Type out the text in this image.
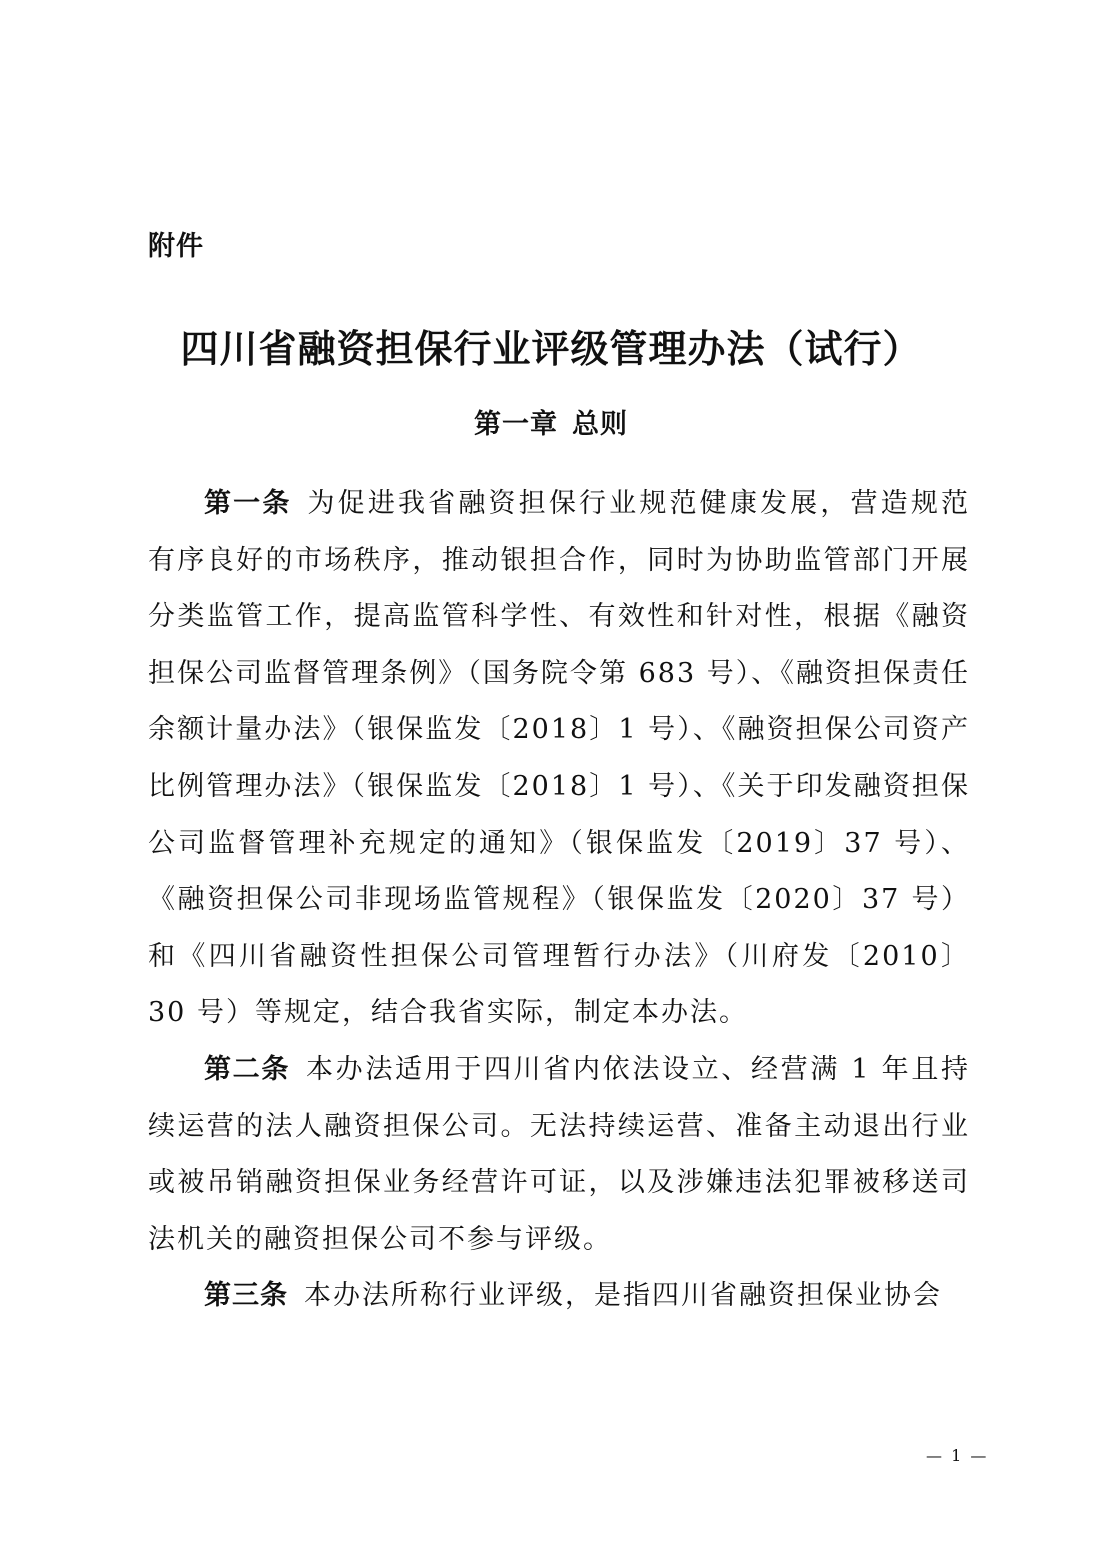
附件
四川省融资担保行业评级管理办法（试行）
第一章 总则

第一条 为促进我省融资担保行业规范健康发展，营造规范有序良好的市场秩序，推动银担合作，同时为协助监管部门开展分类监管工作，提高监管科学性、有效性和针对性，根据《融资担保公司监督管理条例》（国务院令第 683 号）、《融资担保责任余额计量办法》（银保监发〔2018〕1 号）、《融资担保公司资产比例管理办法》（银保监发〔2018〕1 号）、《关于印发融资担保公司监督管理补充规定的通知》（银保监发〔2019〕37 号）、《融资担保公司非现场监管规程》（银保监发〔2020〕37 号）和《四川省融资性担保公司管理暂行办法》（川府发〔2010〕30 号）等规定，结合我省实际，制定本办法。

第二条 本办法适用于四川省内依法设立、经营满 1 年且持续运营的法人融资担保公司。无法持续运营、准备主动退出行业或被吊销融资担保业务经营许可证，以及涉嫌违法犯罪被移送司法机关的融资担保公司不参与评级。

第三条 本办法所称行业评级，是指四川省融资担保业协会

— 1 —
